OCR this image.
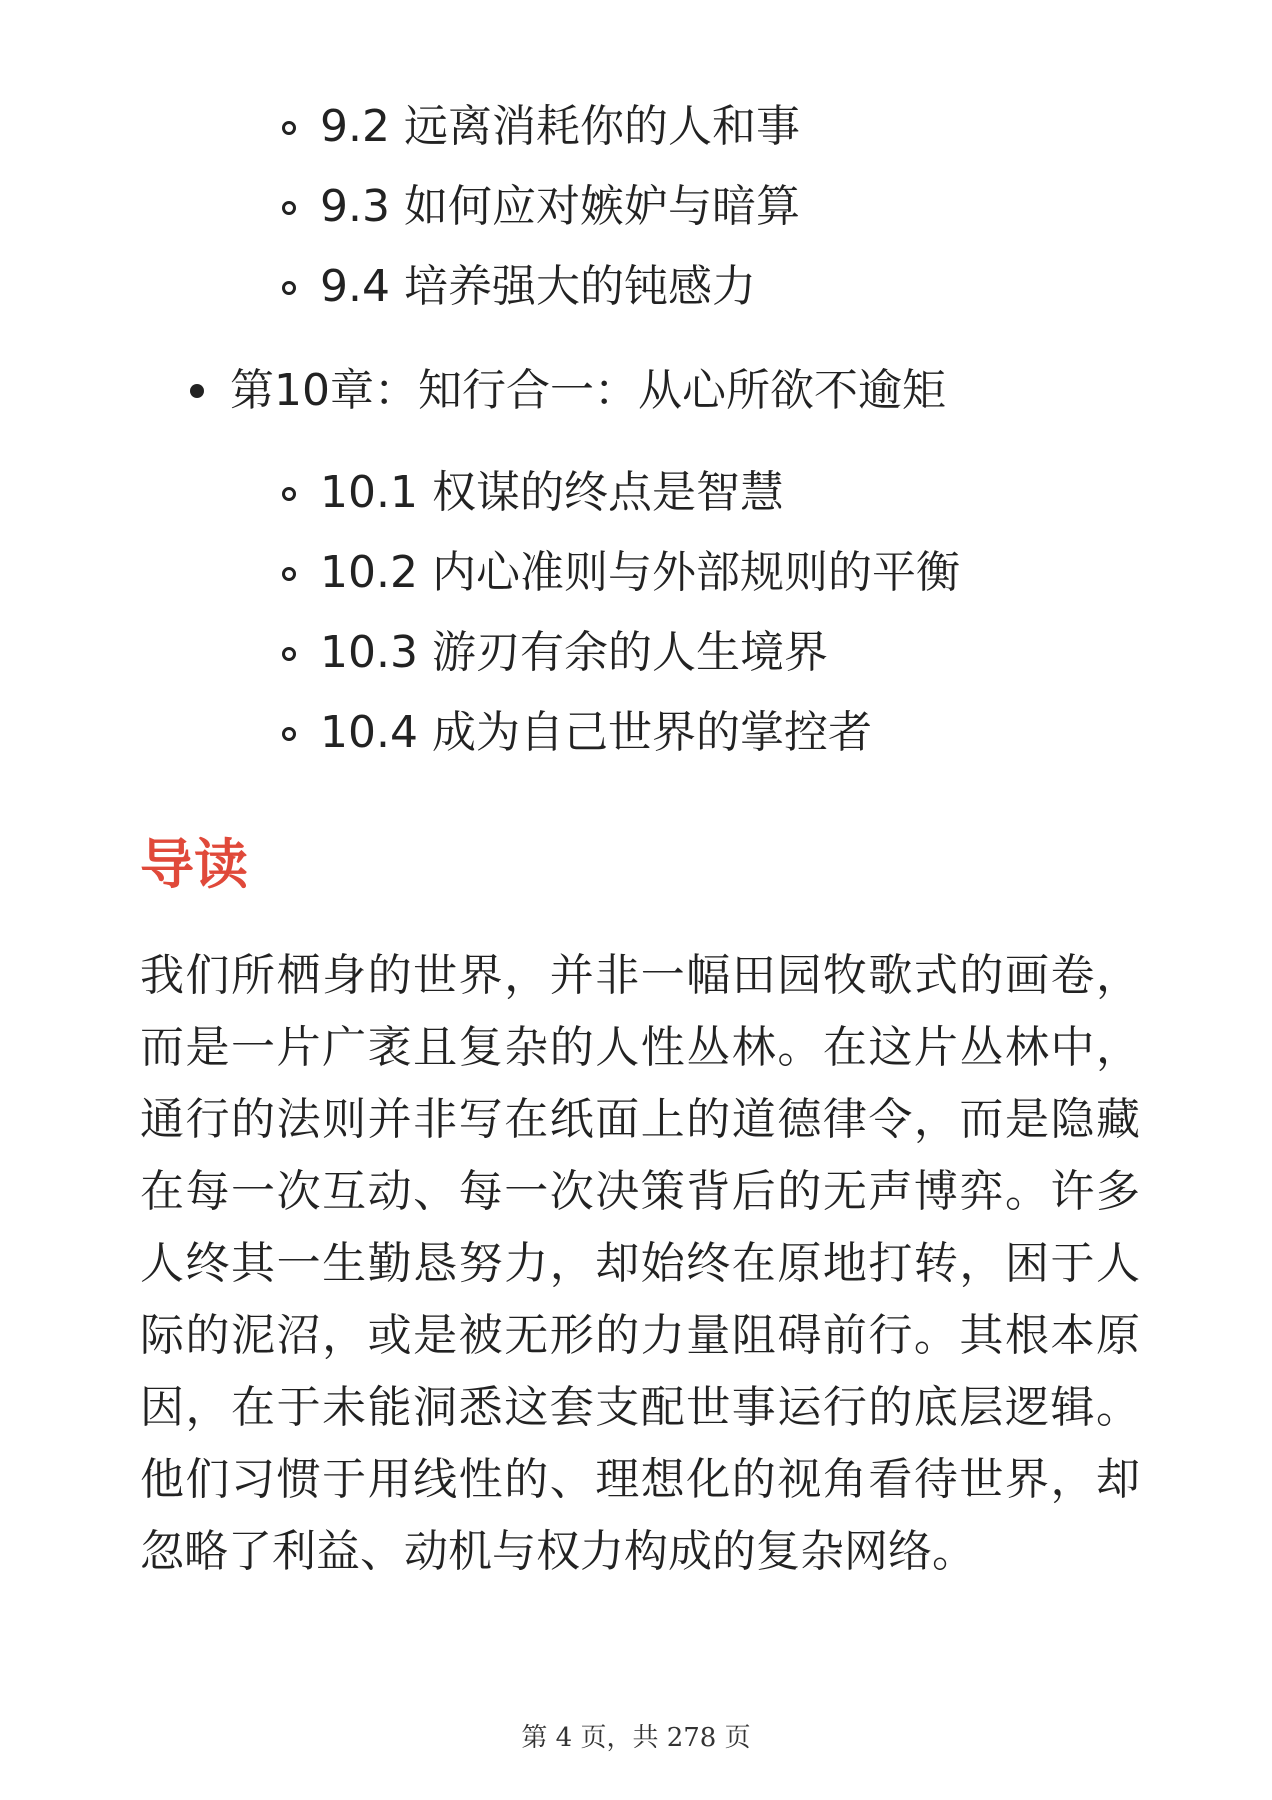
9.2 远离消耗你的人和事
9.3 如何应对嫉妒与暗算
9.4 培养强大的钝感力
第10章：知行合一：从心所欲不逾矩
10.1 权谋的终点是智慧
10.2 内心准则与外部规则的平衡
10.3 游刃有余的人生境界
10.4 成为自己世界的掌控者
导读

我们所栖身的世界，并非一幅田园牧歌式的画卷，
而是一片广袤且复杂的人性丛林。在这片丛林中，
通行的法则并非写在纸面上的道德律令，而是隐藏
在每一次互动、每一次决策背后的无声博弈。许多
人终其一生勤恳努力，却始终在原地打转，困于人
际的泥沼，或是被无形的力量阻碍前行。其根本原
因，在于未能洞悉这套支配世事运行的底层逻辑。
他们习惯于用线性的、理想化的视角看待世界，却
忽略了利益、动机与权力构成的复杂网络。

第 4 页，共 278 页
